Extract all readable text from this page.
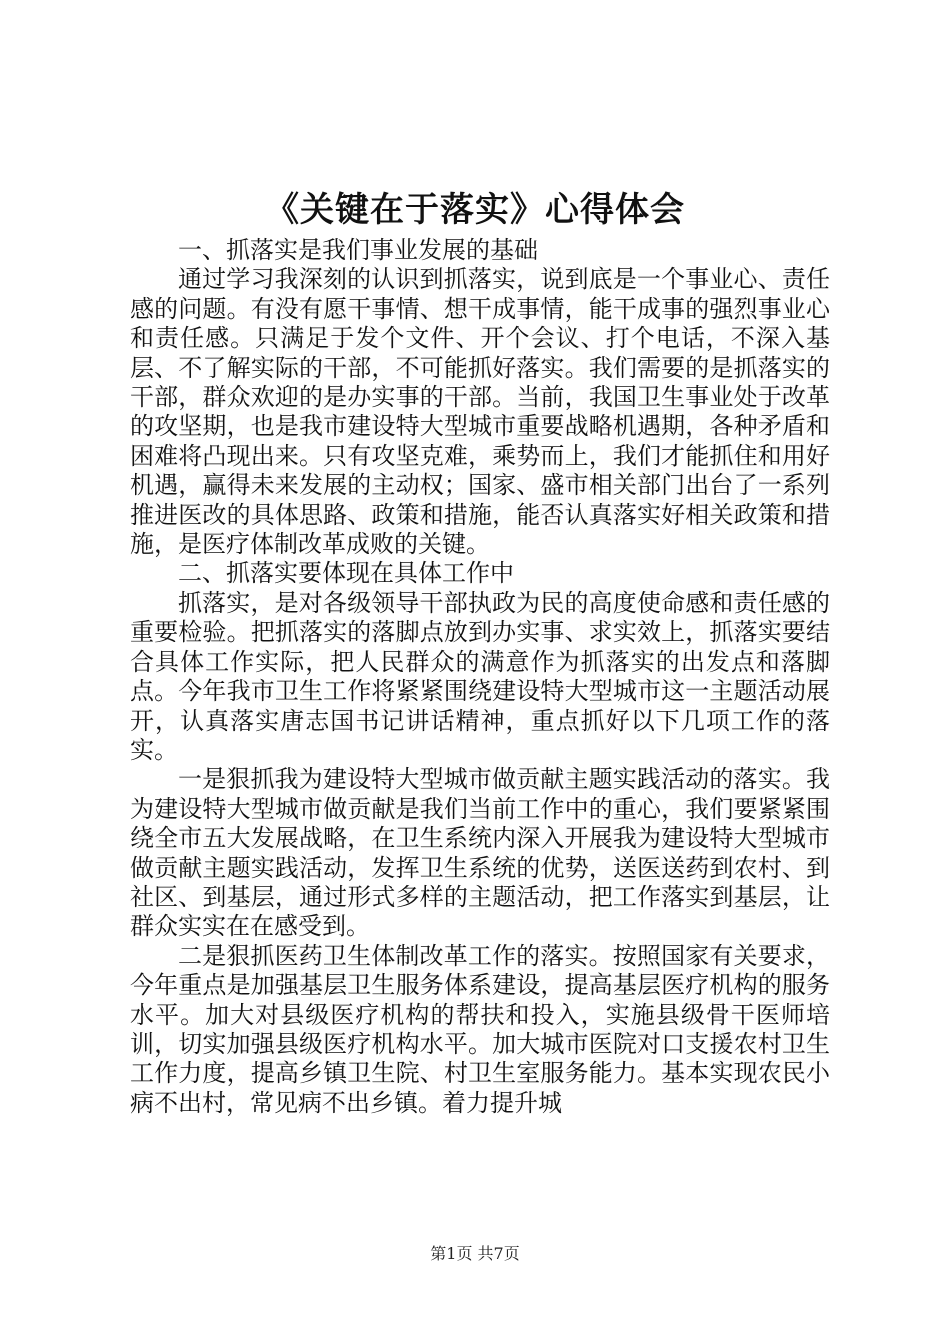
《关键在于落实》心得体会

一、抓落实是我们事业发展的基础

通过学习我深刻的认识到抓落实，说到底是一个事业心、责任感的问题。有没有愿干事情、想干成事情，能干成事的强烈事业心和责任感。只满足于发个文件、开个会议、打个电话，不深入基层、不了解实际的干部，不可能抓好落实。我们需要的是抓落实的干部，群众欢迎的是办实事的干部。当前，我国卫生事业处于改革的攻坚期，也是我市建设特大型城市重要战略机遇期，各种矛盾和困难将凸现出来。只有攻坚克难，乘势而上，我们才能抓住和用好机遇，赢得未来发展的主动权；国家、盛市相关部门出台了一系列推进医改的具体思路、政策和措施，能否认真落实好相关政策和措施，是医疗体制改革成败的关键。

二、抓落实要体现在具体工作中

抓落实，是对各级领导干部执政为民的高度使命感和责任感的重要检验。把抓落实的落脚点放到办实事、求实效上，抓落实要结合具体工作实际，把人民群众的满意作为抓落实的出发点和落脚点。今年我市卫生工作将紧紧围绕建设特大型城市这一主题活动展开，认真落实唐志国书记讲话精神，重点抓好以下几项工作的落实。

一是狠抓我为建设特大型城市做贡献主题实践活动的落实。我为建设特大型城市做贡献是我们当前工作中的重心，我们要紧紧围绕全市五大发展战略，在卫生系统内深入开展我为建设特大型城市做贡献主题实践活动，发挥卫生系统的优势，送医送药到农村、到社区、到基层，通过形式多样的主题活动，把工作落实到基层，让群众实实在在感受到。

二是狠抓医药卫生体制改革工作的落实。按照国家有关要求，今年重点是加强基层卫生服务体系建设，提高基层医疗机构的服务水平。加大对县级医疗机构的帮扶和投入，实施县级骨干医师培训，切实加强县级医疗机构水平。加大城市医院对口支援农村卫生工作力度，提高乡镇卫生院、村卫生室服务能力。基本实现农民小病不出村，常见病不出乡镇。着力提升城

第1页 共7页
